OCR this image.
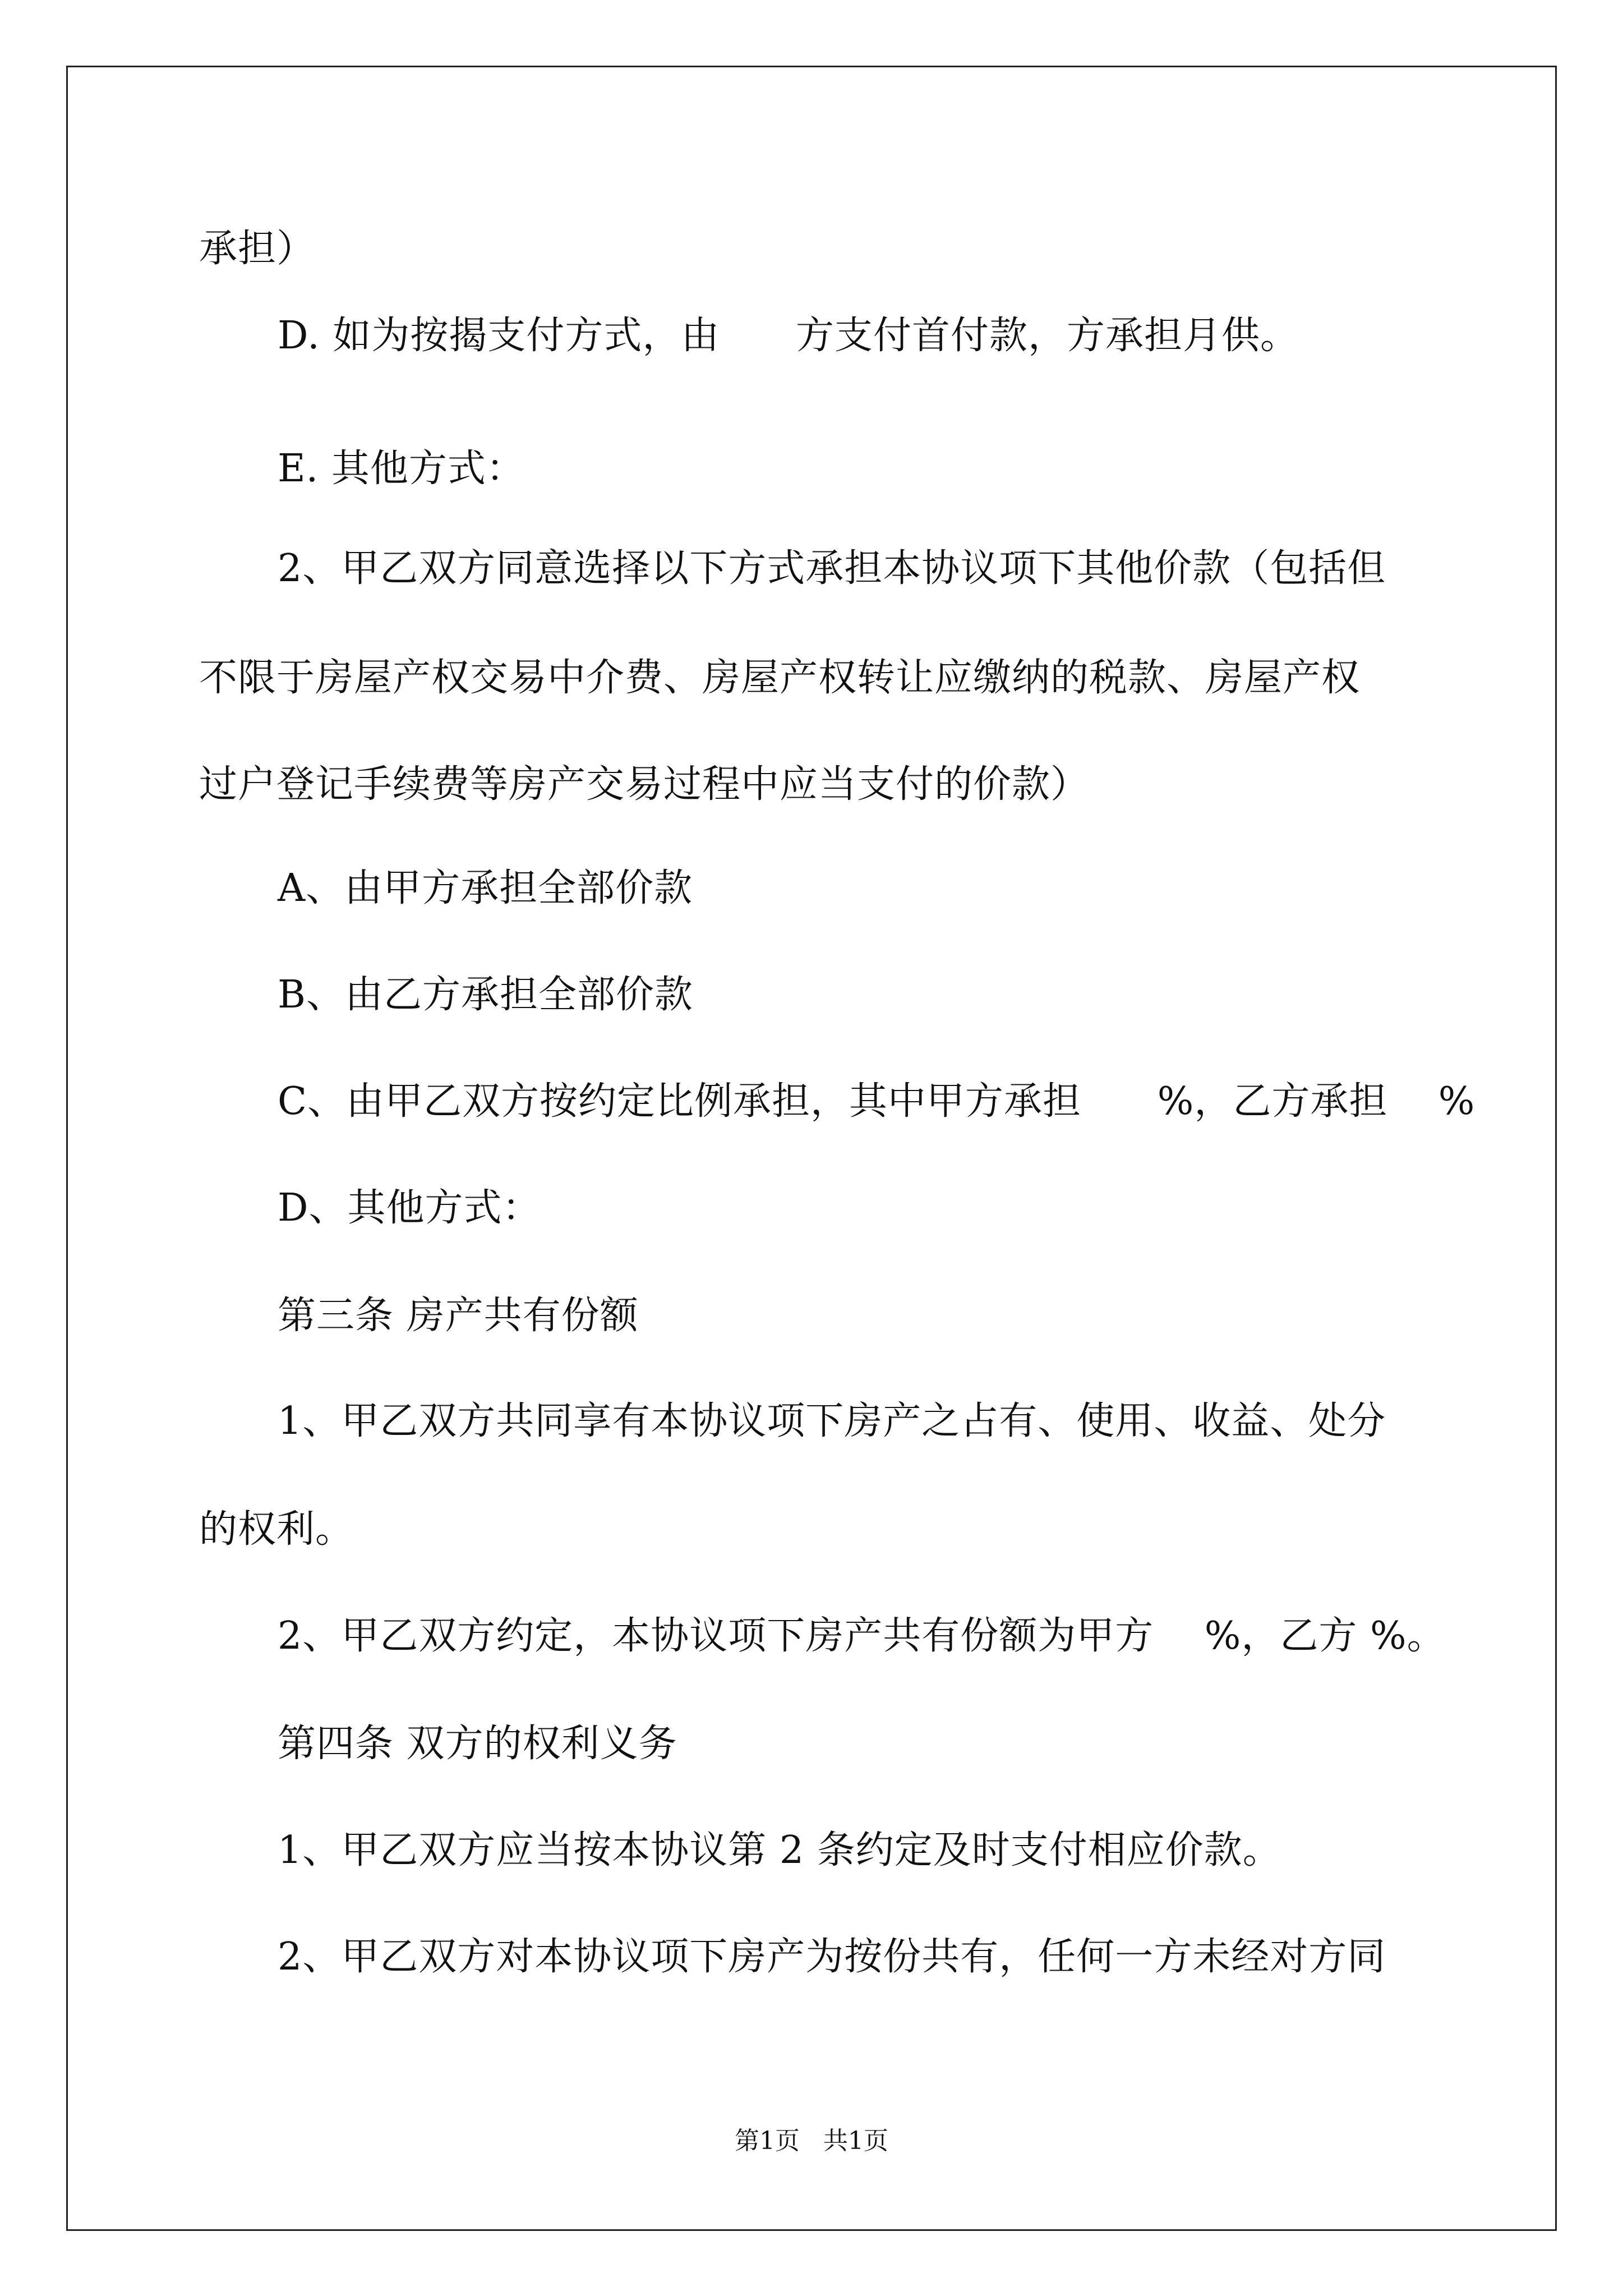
承担）
D. 如为按揭支付方式，由      方支付首付款，方承担月供。
E. 其他方式：
2、甲乙双方同意选择以下方式承担本协议项下其他价款（包括但
不限于房屋产权交易中介费、房屋产权转让应缴纳的税款、房屋产权
过户登记手续费等房产交易过程中应当支付的价款）
A、由甲方承担全部价款
B、由乙方承担全部价款
C、由甲乙双方按约定比例承担，其中甲方承担      %，乙方承担    %
D、其他方式：
第三条 房产共有份额
1、甲乙双方共同享有本协议项下房产之占有、使用、收益、处分
的权利。
2、甲乙双方约定，本协议项下房产共有份额为甲方    %，乙方 %。
第四条 双方的权利义务
1、甲乙双方应当按本协议第 2 条约定及时支付相应价款。
2、甲乙双方对本协议项下房产为按份共有，任何一方未经对方同
第1页   共1页
